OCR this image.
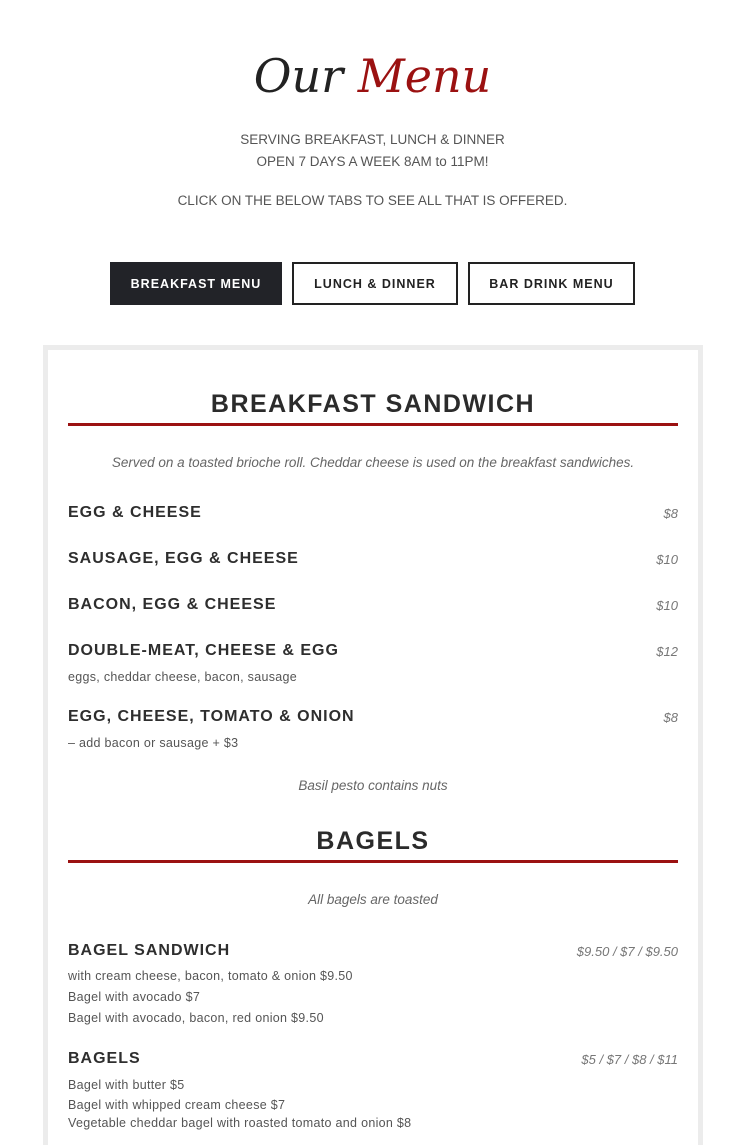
Our Menu
SERVING BREAKFAST, LUNCH & DINNER
OPEN 7 DAYS A WEEK 8AM to 11PM!
CLICK ON THE BELOW TABS TO SEE ALL THAT IS OFFERED.
BREAKFAST MENU	LUNCH & DINNER	BAR DRINK MENU
BREAKFAST SANDWICH
Served on a toasted brioche roll. Cheddar cheese is used on the breakfast sandwiches.
EGG & CHEESE	$8
SAUSAGE, EGG & CHEESE	$10
BACON, EGG & CHEESE	$10
DOUBLE-MEAT, CHEESE & EGG	$12
eggs, cheddar cheese, bacon, sausage
EGG, CHEESE, TOMATO & ONION	$8
– add bacon or sausage + $3
Basil pesto contains nuts
BAGELS
All bagels are toasted
BAGEL SANDWICH	$9.50 / $7 / $9.50
with cream cheese, bacon, tomato & onion $9.50
Bagel with avocado $7
Bagel with avocado, bacon, red onion $9.50
BAGELS	$5 / $7 / $8 / $11
Bagel with butter $5
Bagel with whipped cream cheese $7
Vegetable cheddar bagel with roasted tomato and onion $8
